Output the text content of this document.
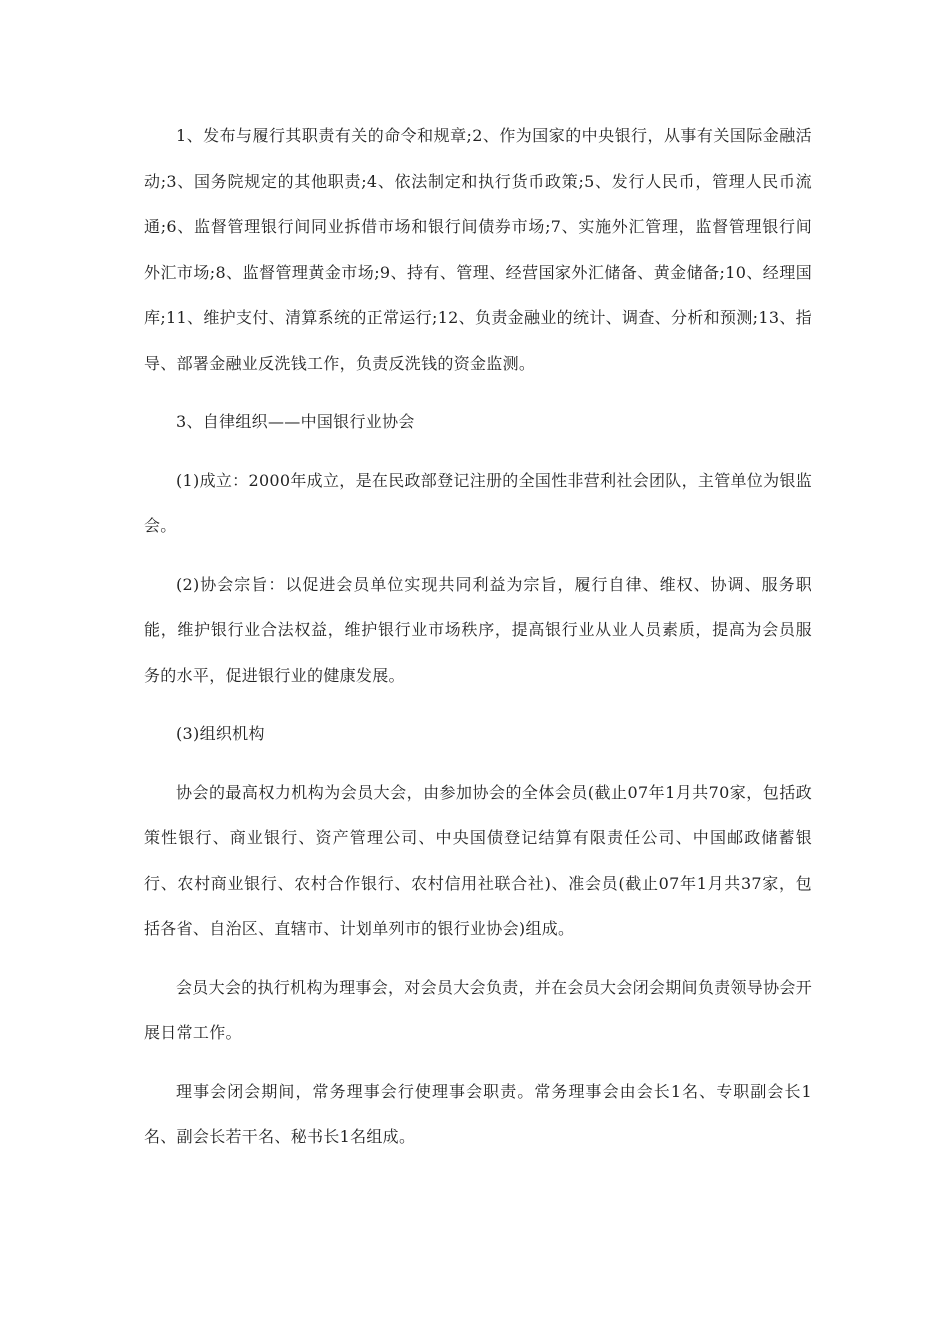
1、发布与履行其职责有关的命令和规章;2、作为国家的中央银行，从事有关国际金融活动;3、国务院规定的其他职责;4、依法制定和执行货币政策;5、发行人民币，管理人民币流通;6、监督管理银行间同业拆借市场和银行间债券市场;7、实施外汇管理，监督管理银行间外汇市场;8、监督管理黄金市场;9、持有、管理、经营国家外汇储备、黄金储备;10、经理国库;11、维护支付、清算系统的正常运行;12、负责金融业的统计、调查、分析和预测;13、指导、部署金融业反洗钱工作，负责反洗钱的资金监测。

3、自律组织——中国银行业协会

(1)成立：2000年成立，是在民政部登记注册的全国性非营利社会团队，主管单位为银监会。

(2)协会宗旨：以促进会员单位实现共同利益为宗旨，履行自律、维权、协调、服务职能，维护银行业合法权益，维护银行业市场秩序，提高银行业从业人员素质，提高为会员服务的水平，促进银行业的健康发展。

(3)组织机构

协会的最高权力机构为会员大会，由参加协会的全体会员(截止07年1月共70家，包括政策性银行、商业银行、资产管理公司、中央国债登记结算有限责任公司、中国邮政储蓄银行、农村商业银行、农村合作银行、农村信用社联合社)、准会员(截止07年1月共37家，包括各省、自治区、直辖市、计划单列市的银行业协会)组成。

会员大会的执行机构为理事会，对会员大会负责，并在会员大会闭会期间负责领导协会开展日常工作。

理事会闭会期间，常务理事会行使理事会职责。常务理事会由会长1名、专职副会长1名、副会长若干名、秘书长1名组成。
